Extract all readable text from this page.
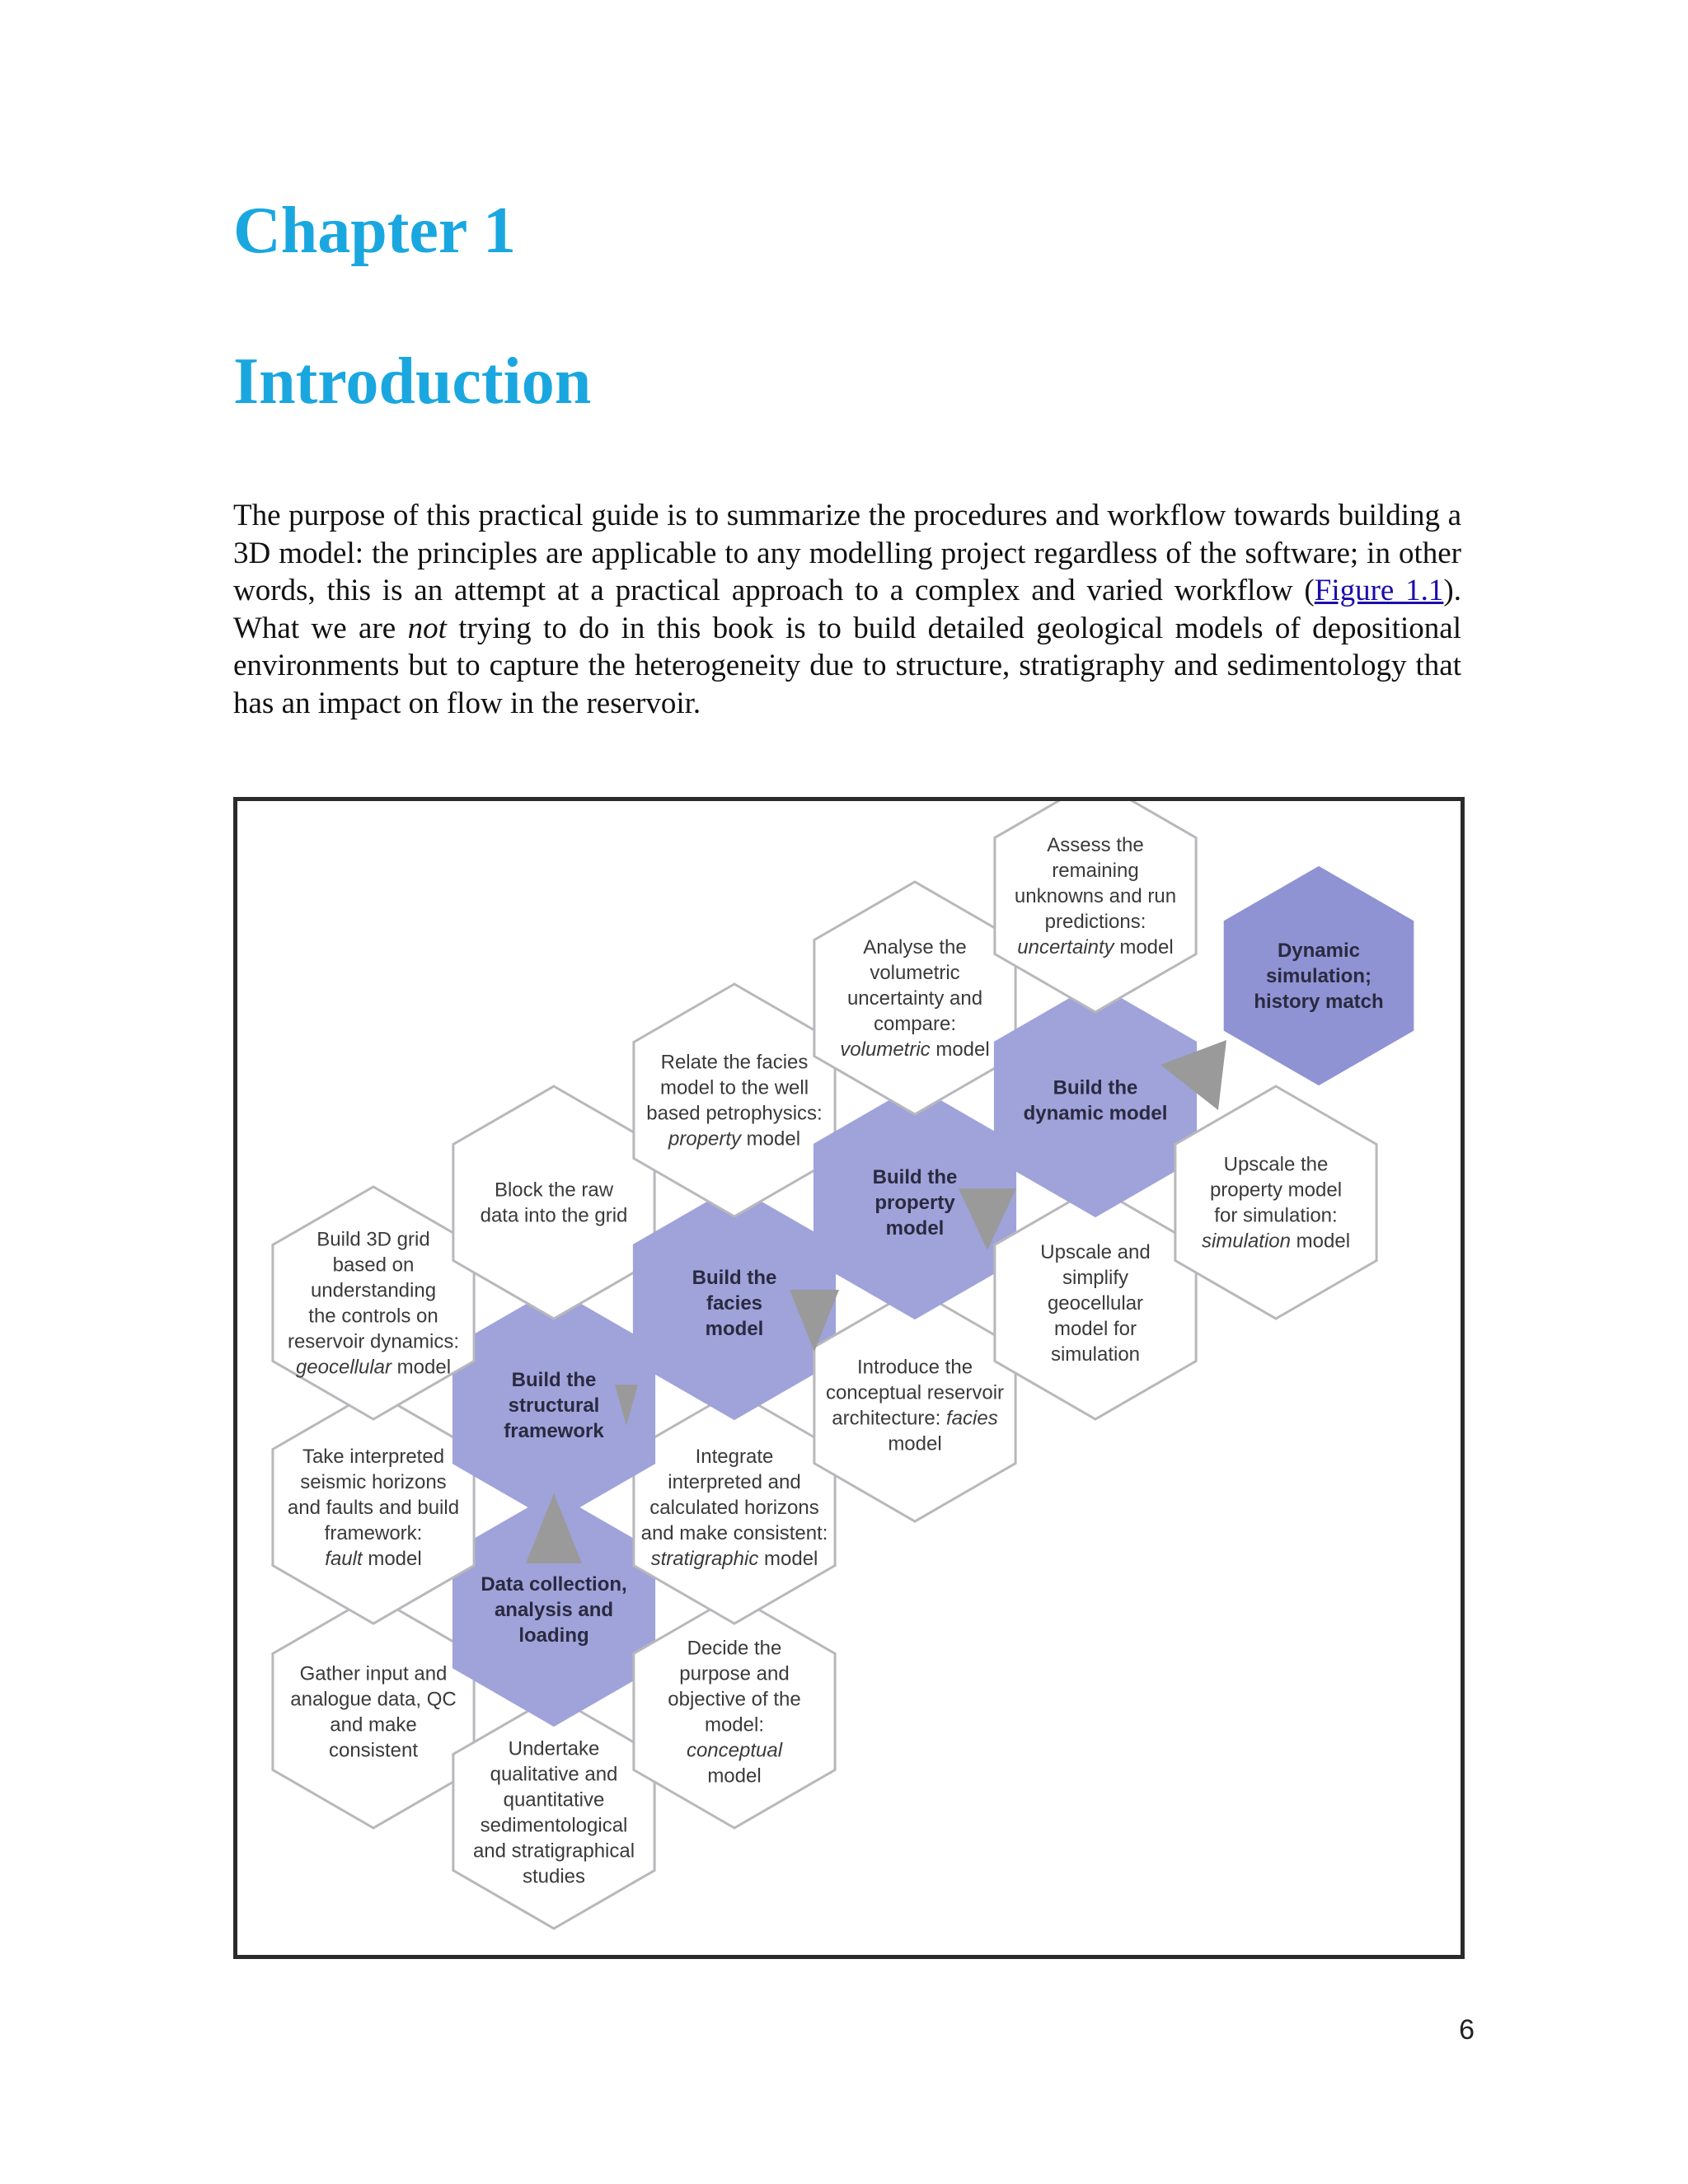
Chapter 1
Introduction

The purpose of this practical guide is to summarize the procedures and workflow towards building a 3D model: the principles are applicable to any modelling project regardless of the software; in other words, this is an attempt at a practical approach to a complex and varied workflow (Figure 1.1). What we are not trying to do in this book is to build detailed geological models of depositional environments but to capture the heterogeneity due to structure, stratigraphy and sedimentology that has an impact on flow in the reservoir.

Gather input and analogue data, QC and make consistent	Undertake qualitative and quantitative sedimentological and stratigraphical studies
Data collection, analysis and loading
Decide the purpose and objective of the model: conceptual model
Take interpreted seismic horizons and faults and build framework: fault model
Integrate interpreted and calculated horizons and make consistent: stratigraphic model
Build the structural framework
Build 3D grid based on understanding the controls on reservoir dynamics: geocellular model
Block the raw data into the grid
Build the facies model
Introduce the conceptual reservoir architecture: facies model
Relate the facies model to the well based petrophysics: property model
Build the property model
Upscale and simplify geocellular model for simulation
Analyse the volumetric uncertainty and compare: volumetric model
Build the dynamic model
Upscale the property model for simulation: simulation model
Assess the remaining unknowns and run predictions: uncertainty model	Dynamic simulation; history match

6
